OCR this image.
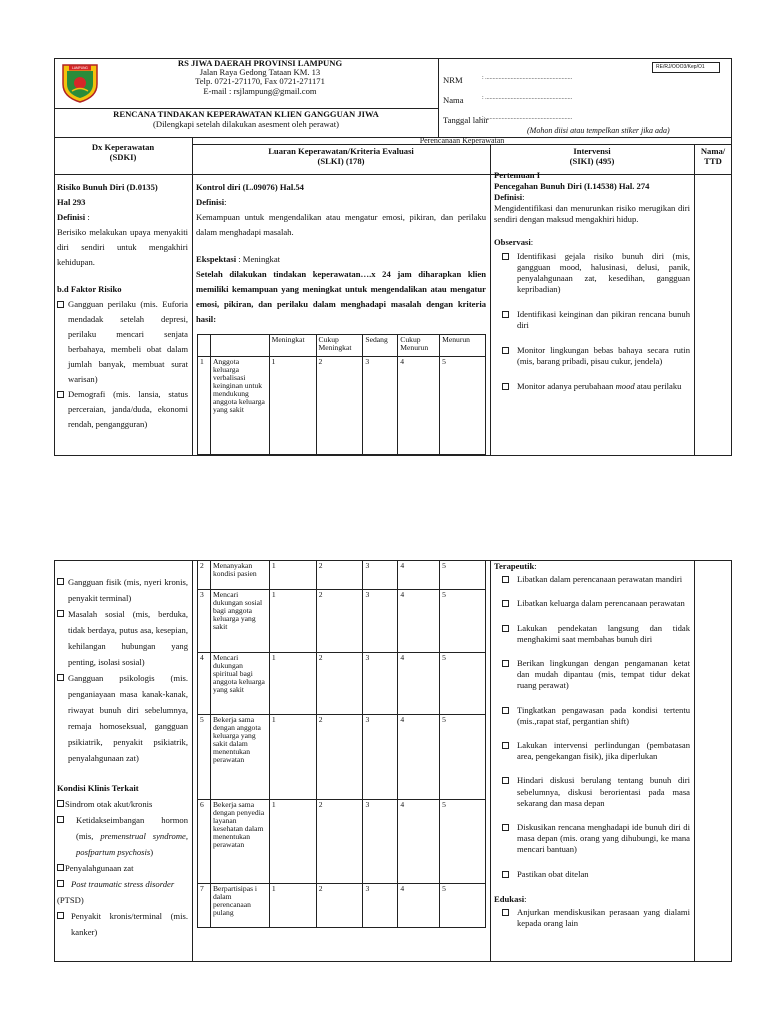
LAMPUNG	RS JIWA DAERAH PROVINSI LAMPUNG
Jalan Raya Gedong Tataan KM. 13
Telp. 0721-271170, Fax 0721-271171
E-mail : rsjlampung@gmail.com
RE/RJ/OOO3/Kep/O1
NRM	: ..........................................................
Nama	: ..........................................................
Tanggal lahir
: ..........................................................
(Mohon diisi atau tempelkan stiker jika ada)
RENCANA TINDAKAN KEPERAWATAN KLIEN GANGGUAN JIWA
(Dilengkapi setelah dilakukan asesment oleh perawat)
Dx Keperawatan
(SDKI)
Perencanaan Keperawatan
Luaran Keperawatan/Kriteria Evaluasi
(SLKI) (178)
Intervensi
(SIKI) (495)
Nama/
TTD
Risiko Bunuh Diri (D.0135)
Hal 293
Definisi :
Berisiko melakukan upaya menyakiti diri sendiri untuk mengakhiri kehidupan.
b.d Faktor Risiko
Gangguan perilaku (mis. Euforia mendadak setelah depresi, perilaku mencari senjata berbahaya, membeli obat dalam jumlah banyak, membuat surat warisan)
Demografi (mis. lansia, status perceraian, janda/duda, ekonomi rendah, pengangguran)
Kontrol diri (L.09076) Hal.54
Definisi:
Kemampuan untuk mengendalikan atau mengatur emosi, pikiran, dan perilaku dalam menghadapi masalah.
Ekspektasi : Meningkat
Setelah dilakukan tindakan keperawatan….x 24 jam diharapkan klien memiliki kemampuan yang meningkat untuk mengendalikan atau mengatur emosi, pikiran, dan perilaku dalam menghadapi masalah dengan kriteria hasil:
		Meningkat	Cukup Meningkat	Sedang	Cukup Menurun	Menurun
1	Anggota keluarga verbalisasi keinginan untuk mendukung anggota keluarga yang sakit	1	2	3	4	5
Pertemuan I
Pencegahan Bunuh Diri (I.14538) Hal. 274
Definisi:
Mengidentifikasi dan menurunkan risiko merugikan diri sendiri dengan maksud mengakhiri hidup.
Observasi:
Identifikasi gejala risiko bunuh diri (mis, gangguan mood, halusinasi, delusi, panik, penyalahgunaan zat, kesedihan, gangguan kepribadian)
Identifikasi keinginan dan pikiran rencana bunuh diri
Monitor lingkungan bebas bahaya secara rutin (mis, barang pribadi, pisau cukur, jendela)
Monitor adanya perubahaan mood atau perilaku
Gangguan fisik (mis, nyeri kronis, penyakit terminal)
Masalah sosial (mis, berduka, tidak berdaya, putus asa, kesepian, kehilangan hubungan yang penting, isolasi sosial)
Gangguan psikologis (mis. penganiayaan masa kanak-kanak, riwayat bunuh diri sebelumnya, remaja homoseksual, gangguan psikiatrik, penyakit psikiatrik, penyalahgunaan zat)
Kondisi Klinis Terkait
Sindrom otak akut/kronis
Ketidakseimbangan hormon (mis, premenstrual syndrome, posfpartum psychosis)
Penyalahgunaan zat
Post traumatic stress disorder
(PTSD)
Penyakit kronis/terminal (mis. kanker)
2	Menanyakan kondisi pasien	1	2	3	4	5
3	Mencari dukungan sosial bagi anggota keluarga yang sakit	1	2	3	4	5
4	Mencari dukungan spiritual bagi anggota keluarga yang sakit	1	2	3	4	5
5	Bekerja sama dengan anggota keluarga yang sakit dalam menentukan perawatan	1	2	3	4	5
6	Bekerja sama dengan penyedia layanan kesehatan dalam menentukan perawatan	1	2	3	4	5
7	Berpartisipas i dalam perencanaan pulang	1	2	3	4	5
Terapeutik:
Libatkan dalam perencanaan perawatan mandiri
Libatkan keluarga dalam perencanaan perawatan
Lakukan pendekatan langsung dan tidak menghakimi saat membahas bunuh diri
Berikan lingkungan dengan pengamanan ketat dan mudah dipantau (mis, tempat tidur dekat ruang perawat)
Tingkatkan pengawasan pada kondisi tertentu (mis.,rapat staf, pergantian shift)
Lakukan intervensi perlindungan (pembatasan area, pengekangan fisik), jika diperlukan
Hindari diskusi berulang tentang bunuh diri sebelumnya, diskusi berorientasi pada masa sekarang dan masa depan
Diskusikan rencana menghadapi ide bunuh diri di masa depan (mis. orang yang dihubungi, ke mana mencari bantuan)
Pastikan obat ditelan
Edukasi:
Anjurkan mendiskusikan perasaan yang dialami kepada orang lain
